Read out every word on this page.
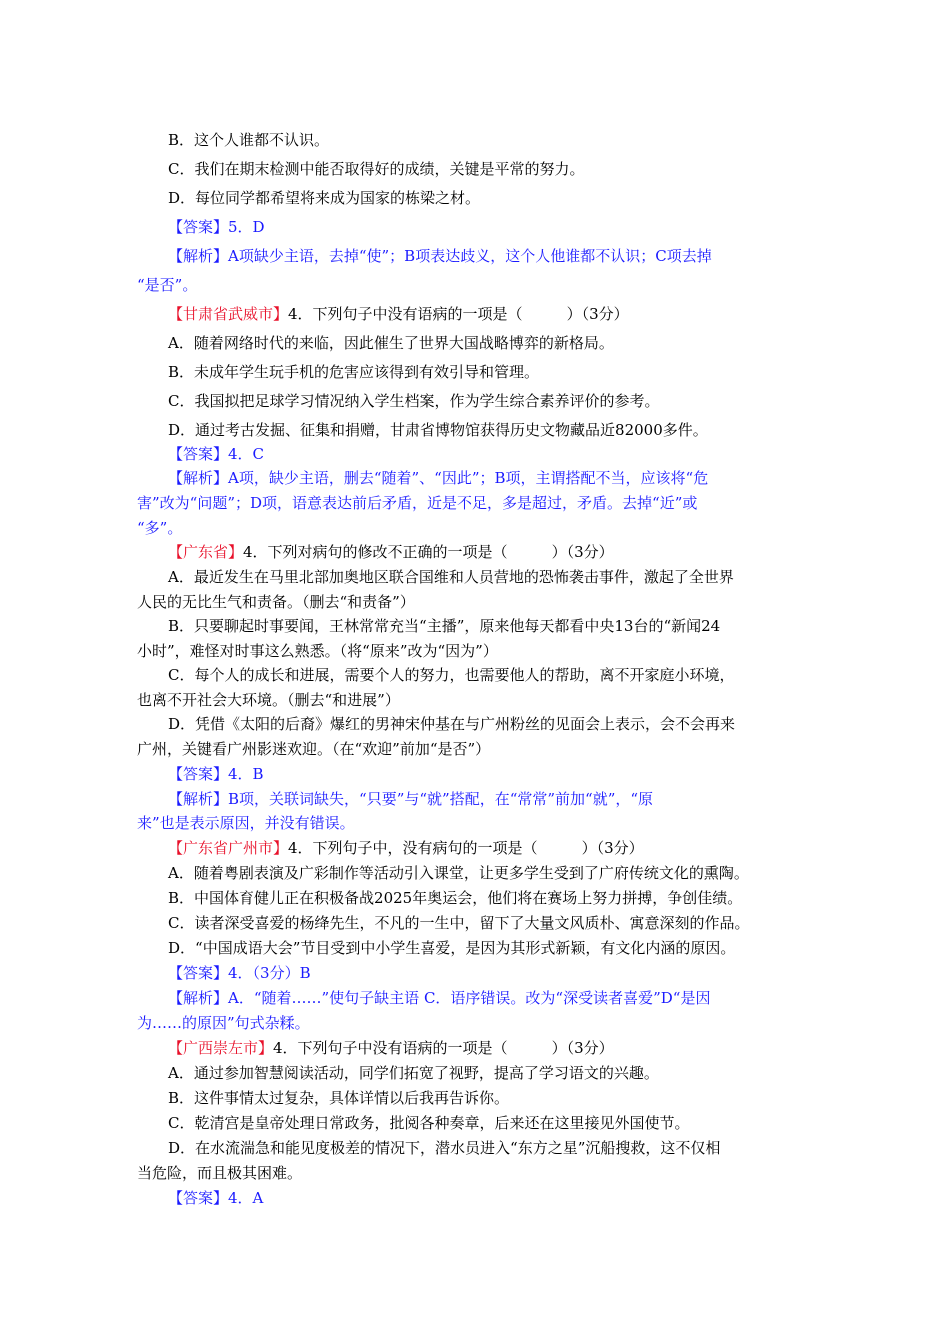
B．这个人谁都不认识。
C．我们在期末检测中能否取得好的成绩，关键是平常的努力。
D．每位同学都希望将来成为国家的栋梁之材。
【答案】5．D
【解析】A项缺少主语，去掉“使”；B项表达歧义，这个人他谁都不认识；C项去掉
“是否”。
【甘肃省武威市】4．下列句子中没有语病的一项是（	）（3分）
A．随着网络时代的来临，因此催生了世界大国战略博弈的新格局。
B．未成年学生玩手机的危害应该得到有效引导和管理。
C．我国拟把足球学习情况纳入学生档案，作为学生综合素养评价的参考。
D．通过考古发掘、征集和捐赠，甘肃省博物馆获得历史文物藏品近82000多件。
【答案】4．C
【解析】A项，缺少主语，删去“随着”、“因此”；B项，主谓搭配不当，应该将“危
害”改为“问题”；D项，语意表达前后矛盾，近是不足，多是超过，矛盾。去掉“近”或
“多”。
【广东省】4．下列对病句的修改不正确的一项是（	）（3分）
A．最近发生在马里北部加奥地区联合国维和人员营地的恐怖袭击事件，激起了全世界
人民的无比生气和责备。（删去“和责备”）
B．只要聊起时事要闻，王林常常充当“主播”，原来他每天都看中央13台的“新闻24
小时”，难怪对时事这么熟悉。（将“原来”改为“因为”）
C．每个人的成长和进展，需要个人的努力，也需要他人的帮助，离不开家庭小环境，
也离不开社会大环境。（删去“和进展”）
D．凭借《太阳的后裔》爆红的男神宋仲基在与广州粉丝的见面会上表示，会不会再来
广州，关键看广州影迷欢迎。（在“欢迎”前加“是否”）
【答案】4．B
【解析】B项，关联词缺失，“只要”与“就”搭配，在“常常”前加“就”，“原
来”也是表示原因，并没有错误。
【广东省广州市】4．下列句子中，没有病句的一项是（	）（3分）
A．随着粤剧表演及广彩制作等活动引入课堂，让更多学生受到了广府传统文化的熏陶。
B．中国体育健儿正在积极备战2025年奥运会，他们将在赛场上努力拼搏，争创佳绩。
C．读者深受喜爱的杨绛先生，不凡的一生中，留下了大量文风质朴、寓意深刻的作品。
D．“中国成语大会”节目受到中小学生喜爱，是因为其形式新颖，有文化内涵的原因。
【答案】4．（3分）B
【解析】A．“随着……”使句子缺主语 C．语序错误。改为“深受读者喜爱”D“是因
为……的原因”句式杂糅。
【广西崇左市】4．下列句子中没有语病的一项是（	）（3分）
A．通过参加智慧阅读活动，同学们拓宽了视野，提高了学习语文的兴趣。
B．这件事情太过复杂，具体详情以后我再告诉你。
C．乾清宫是皇帝处理日常政务，批阅各种奏章，后来还在这里接见外国使节。
D．在水流湍急和能见度极差的情况下，潜水员进入“东方之星”沉船搜救，这不仅相
当危险，而且极其困难。
【答案】4．A
